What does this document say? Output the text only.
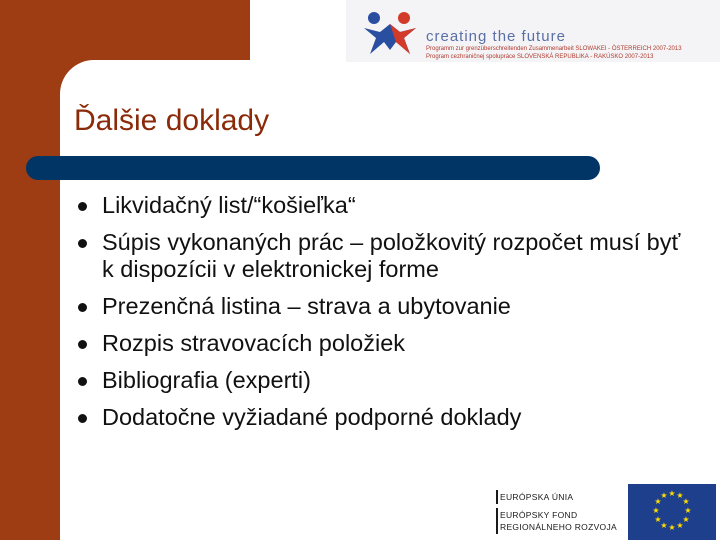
creating the future
Programm zur grenzüberschreitenden Zusammenarbeit SLOWAKEI - ÖSTERREICH 2007-2013
Program cezhraničnej spolupráce SLOVENSKÁ REPUBLIKA - RAKÚSKO 2007-2013
Ďalšie doklady
Likvidačný list/“košieľka“
Súpis vykonaných prác – položkovitý rozpočet musí byť k dispozícii v elektronickej forme
Prezenčná listina – strava a ubytovanie
Rozpis stravovacích položiek
Bibliografia (experti)
Dodatočne vyžiadané podporné doklady
EURÓPSKA ÚNIA
EURÓPSKY FOND
REGIONÁLNEHO ROZVOJA
★ ★
★
★
★
★
★
★
★
★
★
★
